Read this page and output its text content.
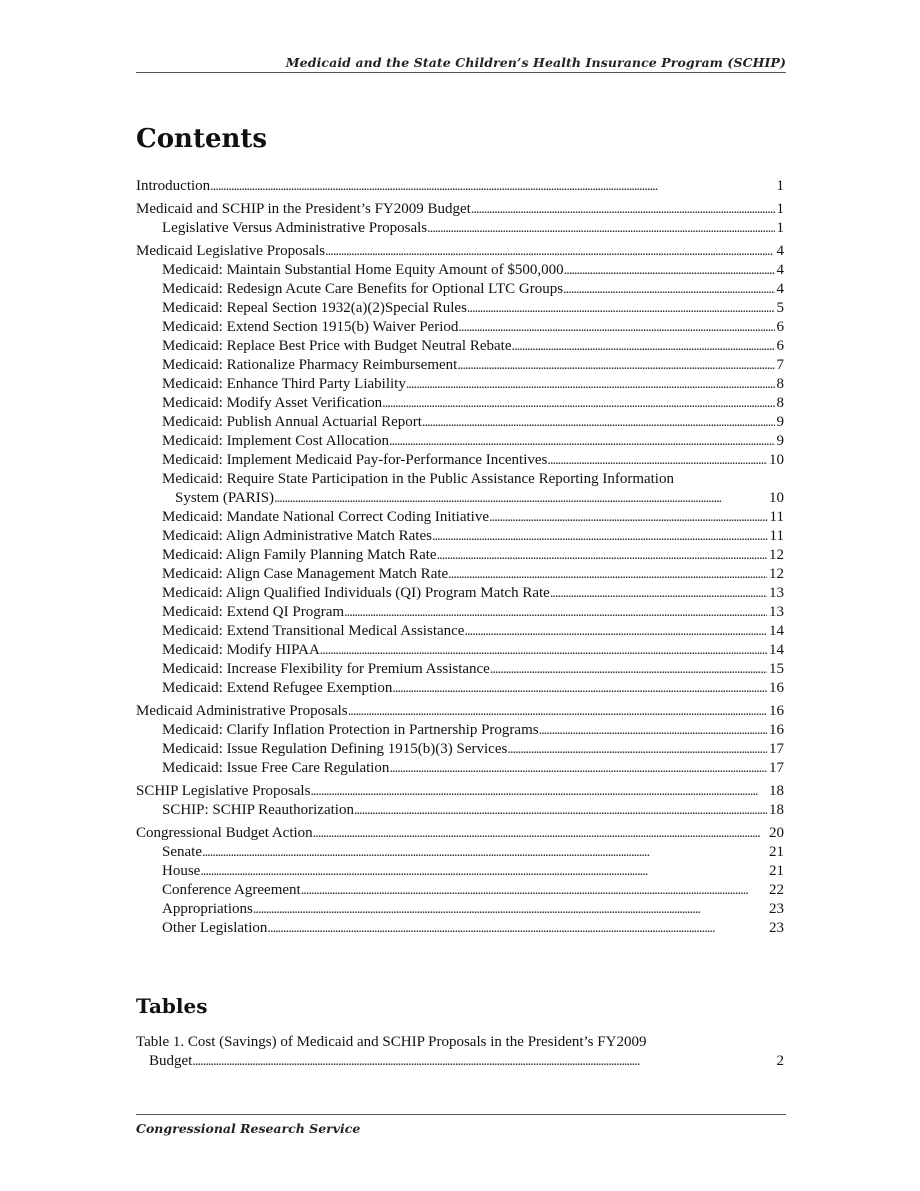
Medicaid and the State Children’s Health Insurance Program (SCHIP)
Contents
Introduction . . .	1
Medicaid and SCHIP in the President’s FY2009 Budget . . .	1
Legislative Versus Administrative Proposals . . .	1
Medicaid Legislative Proposals . . .	4
Medicaid: Maintain Substantial Home Equity Amount of $500,000 . . .	4
Medicaid: Redesign Acute Care Benefits for Optional LTC Groups . . .	4
Medicaid: Repeal Section 1932(a)(2)Special Rules . . .	5
Medicaid: Extend Section 1915(b) Waiver Period . . .	6
Medicaid: Replace Best Price with Budget Neutral Rebate . . .	6
Medicaid: Rationalize Pharmacy Reimbursement . . .	7
Medicaid: Enhance Third Party Liability . . .	8
Medicaid: Modify Asset Verification . . .	8
Medicaid: Publish Annual Actuarial Report . . .	9
Medicaid: Implement Cost Allocation . . .	9
Medicaid: Implement Medicaid Pay-for-Performance Incentives . . .	10
Medicaid: Require State Participation in the Public Assistance Reporting Information
System (PARIS) . . .	10
Medicaid: Mandate National Correct Coding Initiative . . .	11
Medicaid: Align Administrative Match Rates . . .	11
Medicaid: Align Family Planning Match Rate . . .	12
Medicaid: Align Case Management Match Rate . . .	12
Medicaid: Align Qualified Individuals (QI) Program Match Rate . . .	13
Medicaid: Extend QI Program . . .	13
Medicaid: Extend Transitional Medical Assistance . . .	14
Medicaid: Modify HIPAA . . .	14
Medicaid: Increase Flexibility for Premium Assistance . . .	15
Medicaid: Extend Refugee Exemption . . .	16
Medicaid Administrative Proposals . . .	16
Medicaid: Clarify Inflation Protection in Partnership Programs . . .	16
Medicaid: Issue Regulation Defining 1915(b)(3) Services . . .	17
Medicaid: Issue Free Care Regulation . . .	17
SCHIP Legislative Proposals . . .	18
SCHIP: SCHIP Reauthorization . . .	18
Congressional Budget Action . . .	20
Senate . . .	21
House . . .	21
Conference Agreement . . .	22
Appropriations . . .	23
Other Legislation . . .	23
Tables
Table 1. Cost (Savings) of Medicaid and SCHIP Proposals in the President’s FY2009
Budget . . .	2
Congressional Research Service
